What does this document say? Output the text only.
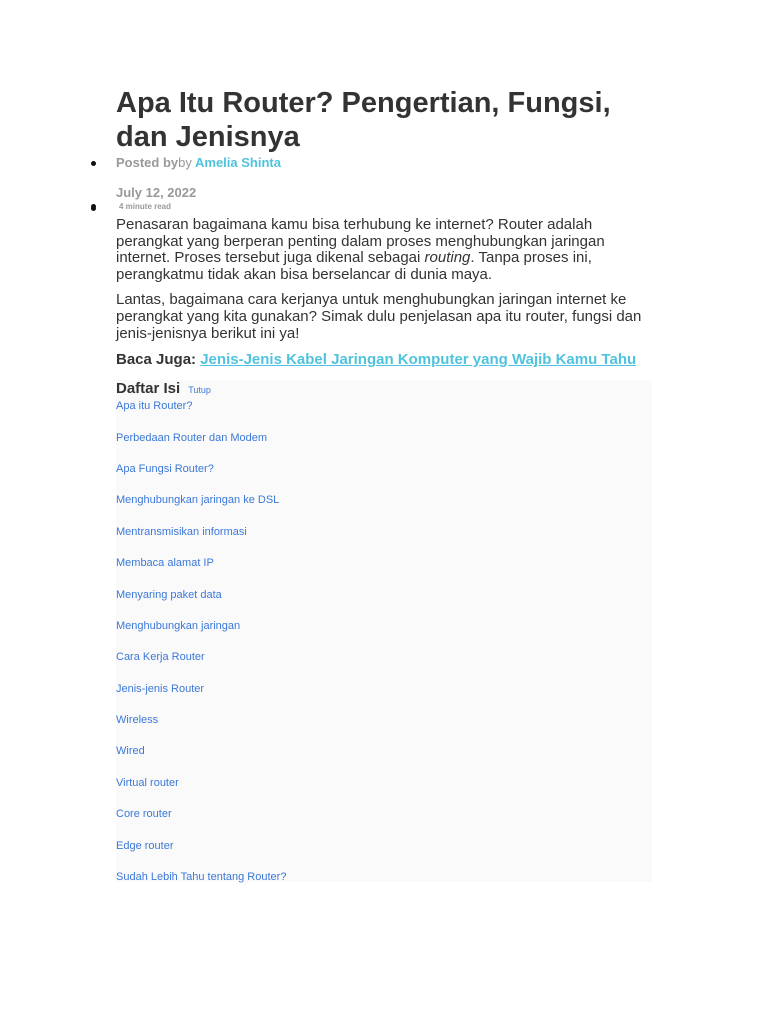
Apa Itu Router? Pengertian, Fungsi, dan Jenisnya
Posted byby Amelia Shinta
July 12, 2022
4 minute read

Penasaran bagaimana kamu bisa terhubung ke internet? Router adalah perangkat yang berperan penting dalam proses menghubungkan jaringan internet. Proses tersebut juga dikenal sebagai routing. Tanpa proses ini, perangkatmu tidak akan bisa berselancar di dunia maya.

Lantas, bagaimana cara kerjanya untuk menghubungkan jaringan internet ke perangkat yang kita gunakan? Simak dulu penjelasan apa itu router, fungsi dan jenis-jenisnya berikut ini ya!

Baca Juga: Jenis-Jenis Kabel Jaringan Komputer yang Wajib Kamu Tahu
Daftar Isi Tutup
Apa itu Router?
Perbedaan Router dan Modem
Apa Fungsi Router?
Menghubungkan jaringan ke DSL
Mentransmisikan informasi
Membaca alamat IP
Menyaring paket data
Menghubungkan jaringan
Cara Kerja Router
Jenis-jenis Router
Wireless
Wired
Virtual router
Core router
Edge router
Sudah Lebih Tahu tentang Router?
